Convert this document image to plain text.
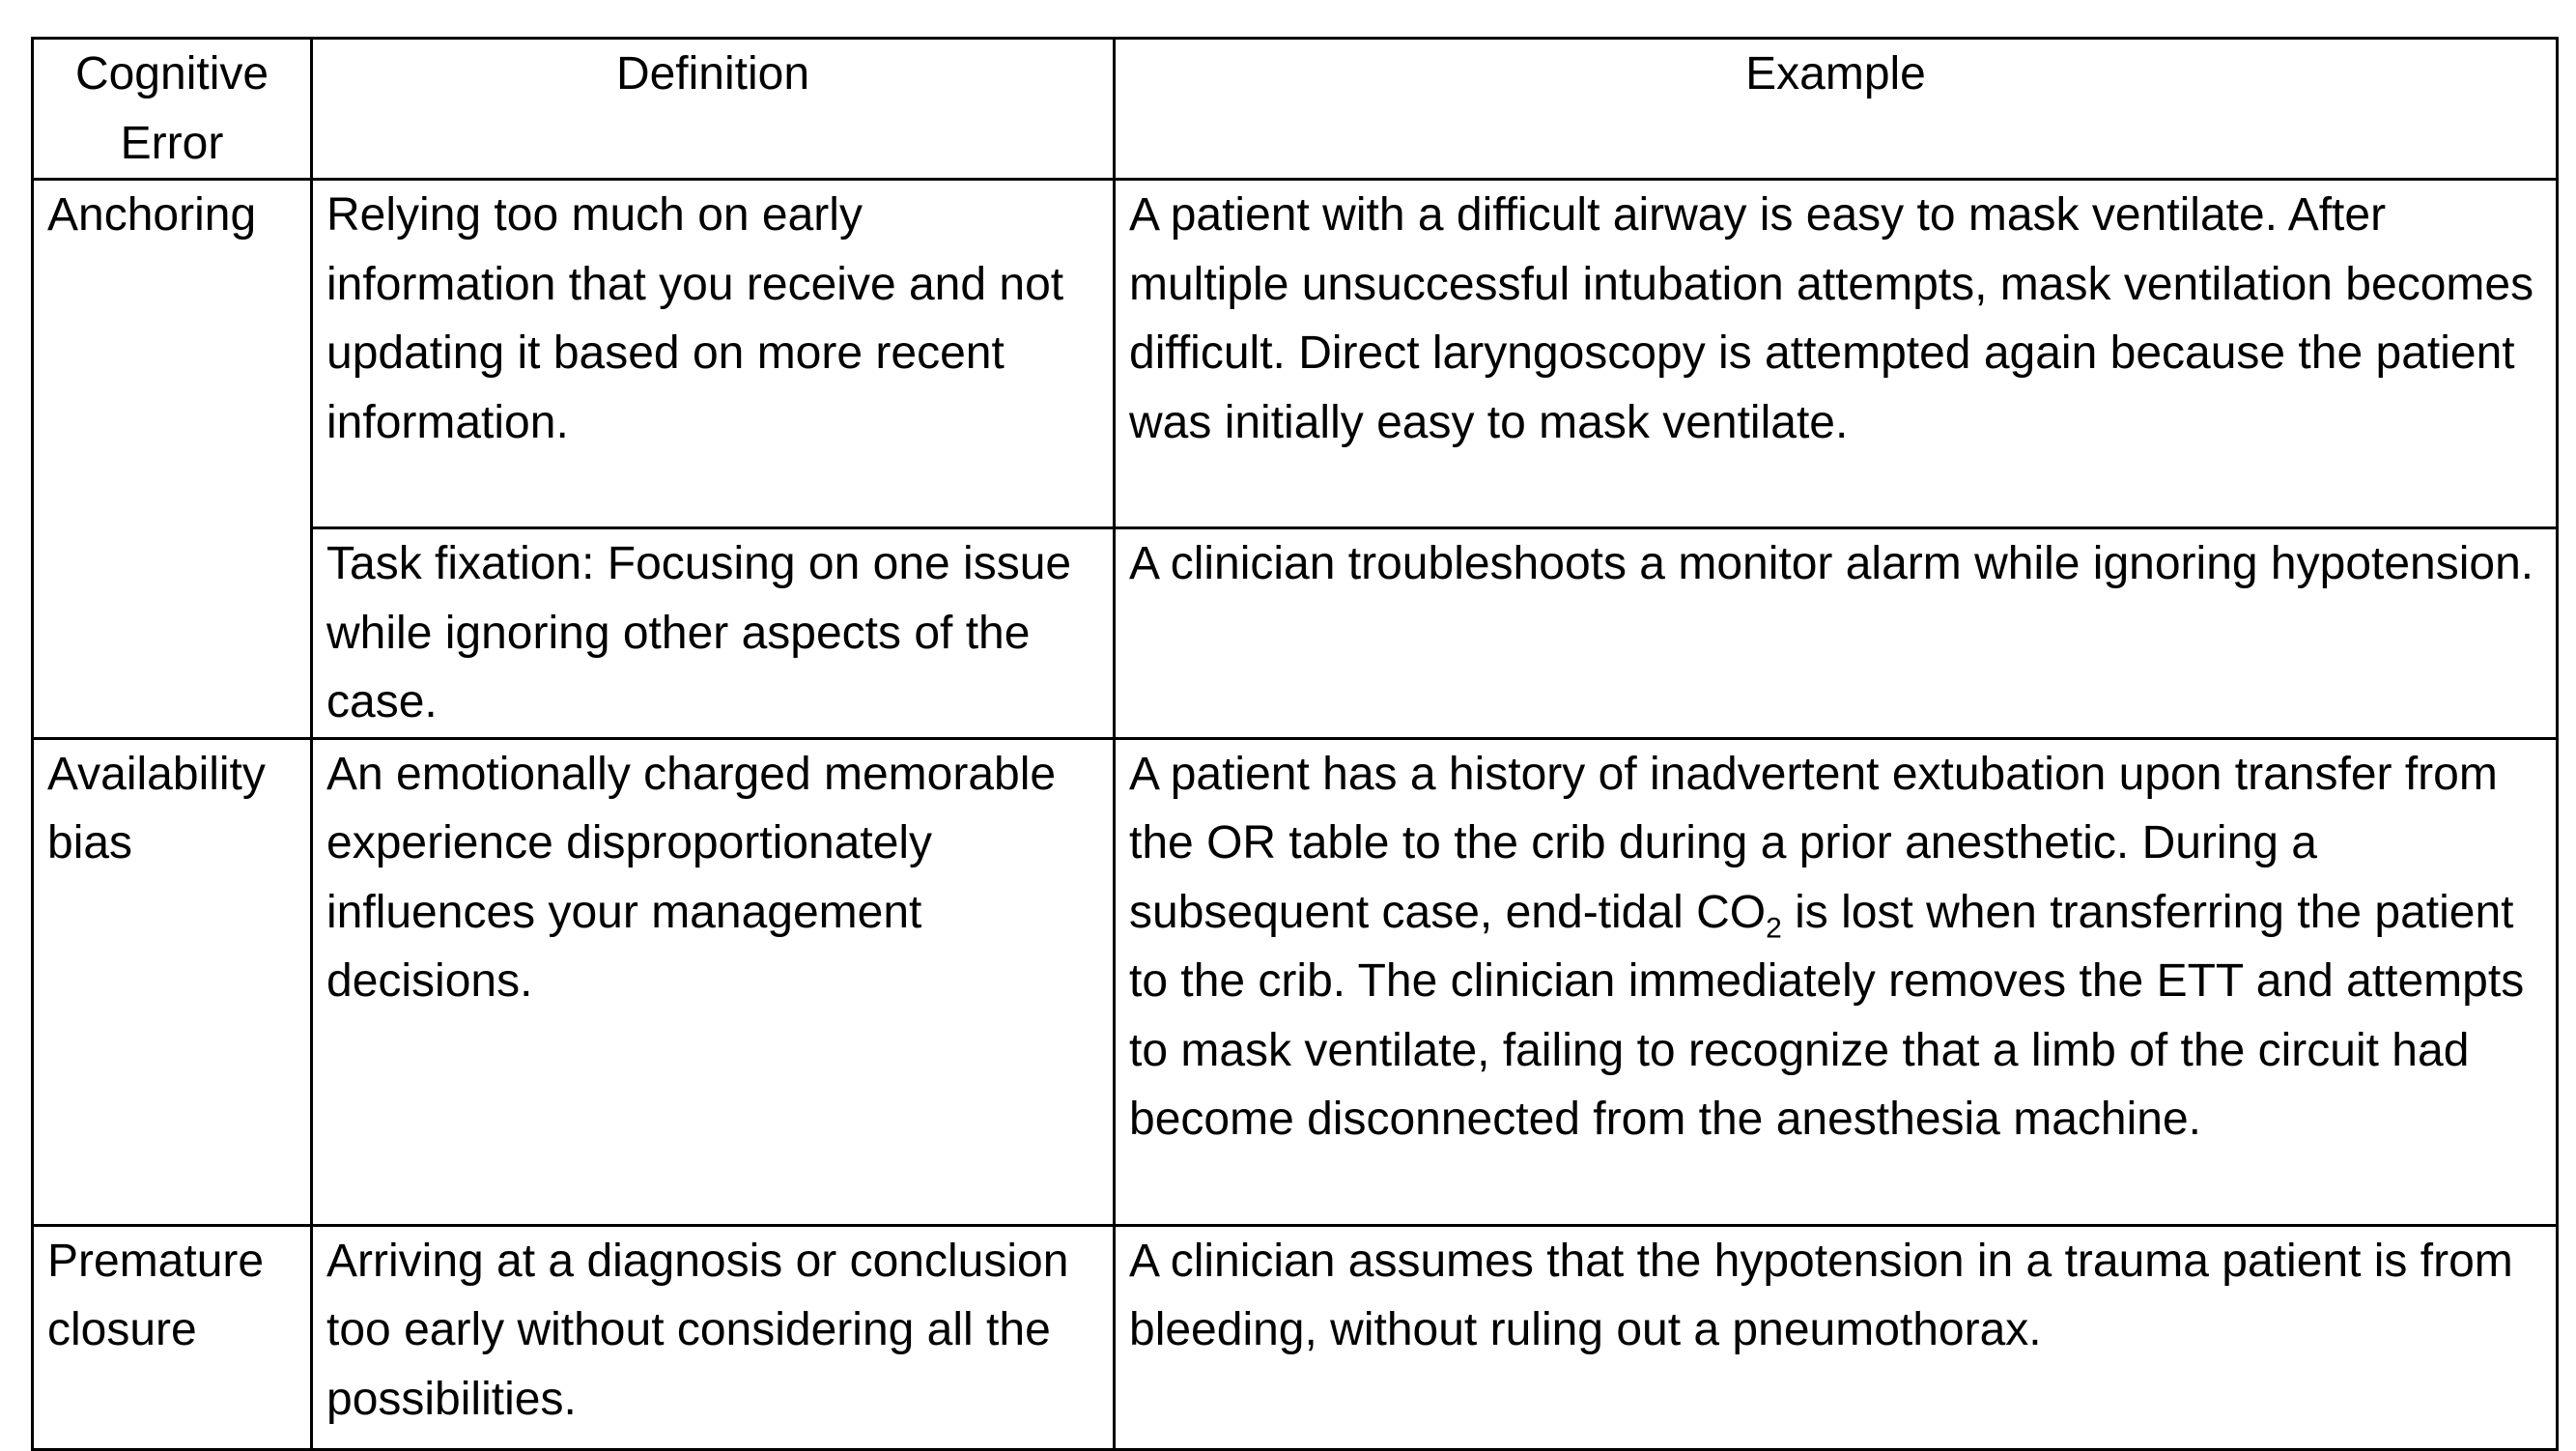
Cognitive Error	Definition	Example
Anchoring	Relying too much on early information that you receive and not updating it based on more recent information.	A patient with a difficult airway is easy to mask ventilate. After multiple unsuccessful intubation attempts, mask ventilation becomes difficult. Direct laryngoscopy is attempted again because the patient was initially easy to mask ventilate.
	Task fixation: Focusing on one issue while ignoring other aspects of the case.	A clinician troubleshoots a monitor alarm while ignoring hypotension.
Availability bias	An emotionally charged memorable experience disproportionately influences your management decisions.	A patient has a history of inadvertent extubation upon transfer from the OR table to the crib during a prior anesthetic. During a subsequent case, end-tidal $CO_2$ is lost when transferring the patient to the crib. The clinician immediately removes the ETT and attempts to mask ventilate, failing to recognize that a limb of the circuit had become disconnected from the anesthesia machine.
Premature closure	Arriving at a diagnosis or conclusion too early without considering all the possibilities.	A clinician assumes that the hypotension in a trauma patient is from bleeding, without ruling out a pneumothorax.
